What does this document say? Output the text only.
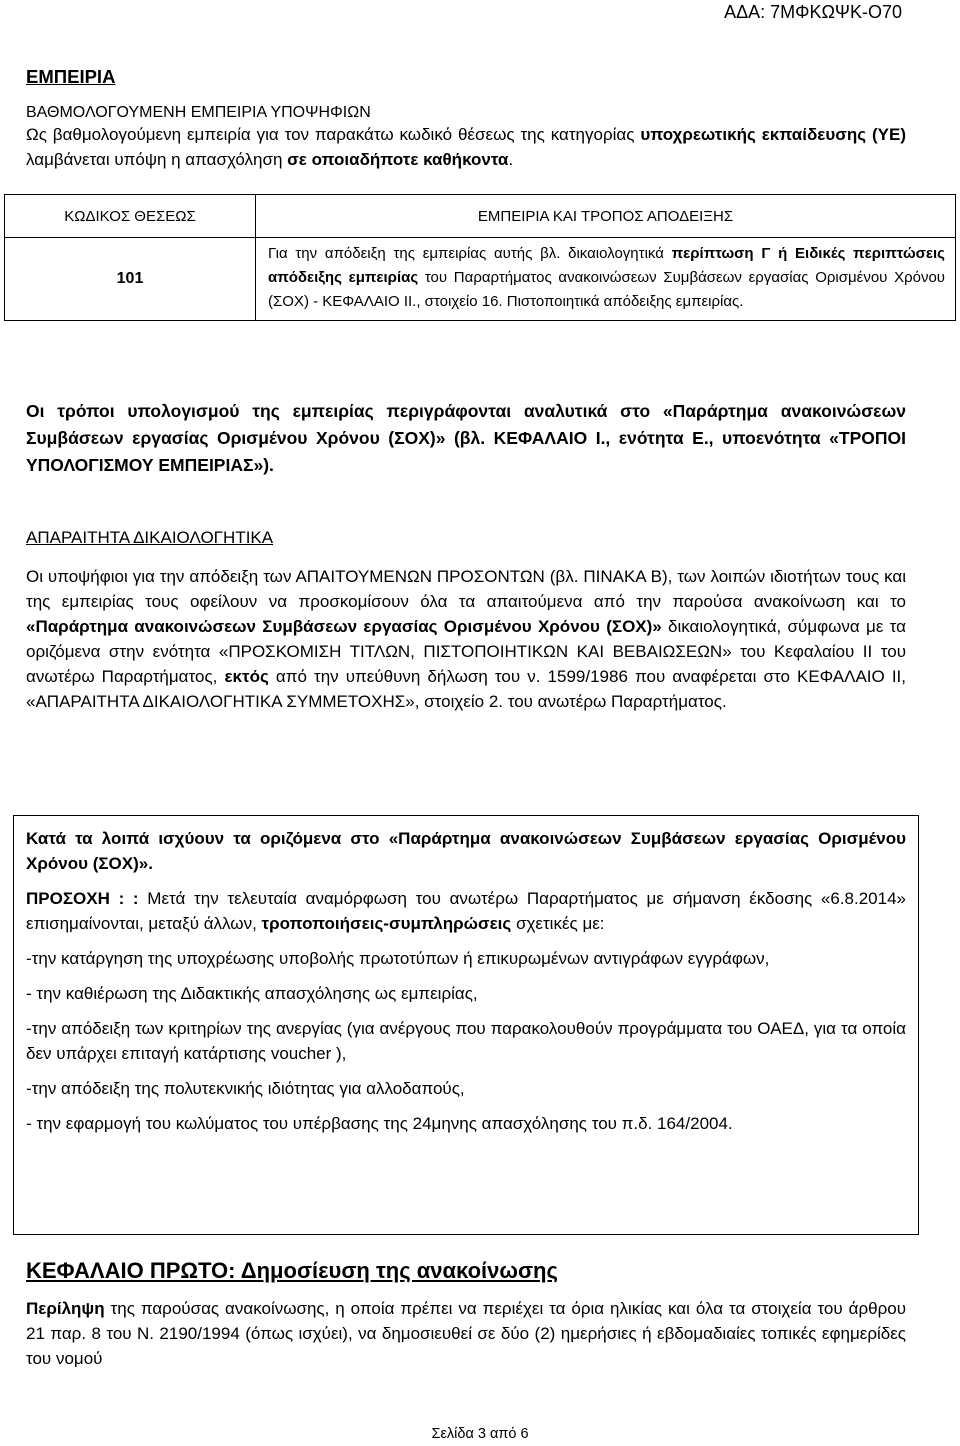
ΑΔΑ: 7ΜΦΚΩΨΚ-Ο70

ΕΜΠΕΙΡΙΑ

ΒΑΘΜΟΛΟΓΟΥΜΕΝΗ ΕΜΠΕΙΡΙΑ ΥΠΟΨΗΦΙΩΝ
Ως βαθμολογούμενη εμπειρία για τον παρακάτω κωδικό θέσεως της κατηγορίας υποχρεωτικής εκπαίδευσης (ΥΕ) λαμβάνεται υπόψη η απασχόληση σε οποιαδήποτε καθήκοντα.
ΚΩΔΙΚΟΣ ΘΕΣΕΩΣ	ΕΜΠΕΙΡΙΑ ΚΑΙ ΤΡΟΠΟΣ ΑΠΟΔΕΙΞΗΣ
101	Για την απόδειξη της εμπειρίας αυτής βλ. δικαιολογητικά περίπτωση Γ ή Ειδικές περιπτώσεις απόδειξης εμπειρίας του Παραρτήματος ανακοινώσεων Συμβάσεων εργασίας Ορισμένου Χρόνου (ΣΟΧ) - ΚΕΦΑΛΑΙΟ ΙΙ., στοιχείο 16. Πιστοποιητικά απόδειξης εμπειρίας.
Οι τρόποι υπολογισμού της εμπειρίας περιγράφονται αναλυτικά στο «Παράρτημα ανακοινώσεων Συμβάσεων εργασίας Ορισμένου Χρόνου (ΣΟΧ)» (βλ. ΚΕΦΑΛΑΙΟ Ι., ενότητα Ε., υποενότητα «ΤΡΟΠΟΙ ΥΠΟΛΟΓΙΣΜΟΥ ΕΜΠΕΙΡΙΑΣ»).
ΑΠΑΡΑΙΤΗΤΑ ΔΙΚΑΙΟΛΟΓΗΤΙΚΑ
Οι υποψήφιοι για την απόδειξη των ΑΠΑΙΤΟΥΜΕΝΩΝ ΠΡΟΣΟΝΤΩΝ (βλ. ΠΙΝΑΚΑ Β), των λοιπών ιδιοτήτων τους και της εμπειρίας τους οφείλουν να προσκομίσουν όλα τα απαιτούμενα από την παρούσα ανακοίνωση και το «Παράρτημα ανακοινώσεων Συμβάσεων εργασίας Ορισμένου Χρόνου (ΣΟΧ)» δικαιολογητικά, σύμφωνα με τα οριζόμενα στην ενότητα «ΠΡΟΣΚΟΜΙΣΗ ΤΙΤΛΩΝ, ΠΙΣΤΟΠΟΙΗΤΙΚΩΝ ΚΑΙ ΒΕΒΑΙΩΣΕΩΝ» του Κεφαλαίου ΙΙ του ανωτέρω Παραρτήματος, εκτός από την υπεύθυνη δήλωση του ν. 1599/1986 που αναφέρεται στο ΚΕΦΑΛΑΙΟ ΙΙ, «ΑΠΑΡΑΙΤΗΤΑ ΔΙΚΑΙΟΛΟΓΗΤΙΚΑ ΣΥΜΜΕΤΟΧΗΣ», στοιχείο 2. του ανωτέρω Παραρτήματος.

Κατά τα λοιπά ισχύουν τα οριζόμενα στο «Παράρτημα ανακοινώσεων Συμβάσεων εργασίας Ορισμένου Χρόνου (ΣΟΧ)».

ΠΡΟΣΟΧΗ : : Μετά την τελευταία αναμόρφωση του ανωτέρω Παραρτήματος με σήμανση έκδοσης «6.8.2014» επισημαίνονται, μεταξύ άλλων, τροποποιήσεις-συμπληρώσεις σχετικές με:

-την κατάργηση της υποχρέωσης υποβολής πρωτοτύπων ή επικυρωμένων αντιγράφων εγγράφων,

- την καθιέρωση της Διδακτικής απασχόλησης ως εμπειρίας,

-την απόδειξη των κριτηρίων της ανεργίας (για ανέργους που παρακολουθούν προγράμματα του ΟΑΕΔ, για τα οποία δεν υπάρχει επιταγή κατάρτισης voucher ),

-την απόδειξη της πολυτεκνικής ιδιότητας για αλλοδαπούς,

- την εφαρμογή του κωλύματος του υπέρβασης της 24μηνης απασχόλησης του π.δ. 164/2004.

ΚΕΦΑΛΑΙΟ ΠΡΩΤΟ: Δημοσίευση της ανακοίνωσης

Περίληψη της παρούσας ανακοίνωσης, η οποία πρέπει να περιέχει τα όρια ηλικίας και όλα τα στοιχεία του άρθρου 21 παρ. 8 του Ν. 2190/1994 (όπως ισχύει), να δημοσιευθεί σε δύο (2) ημερήσιες ή εβδομαδιαίες τοπικές εφημερίδες του νομού
Σελίδα 3 από 6
